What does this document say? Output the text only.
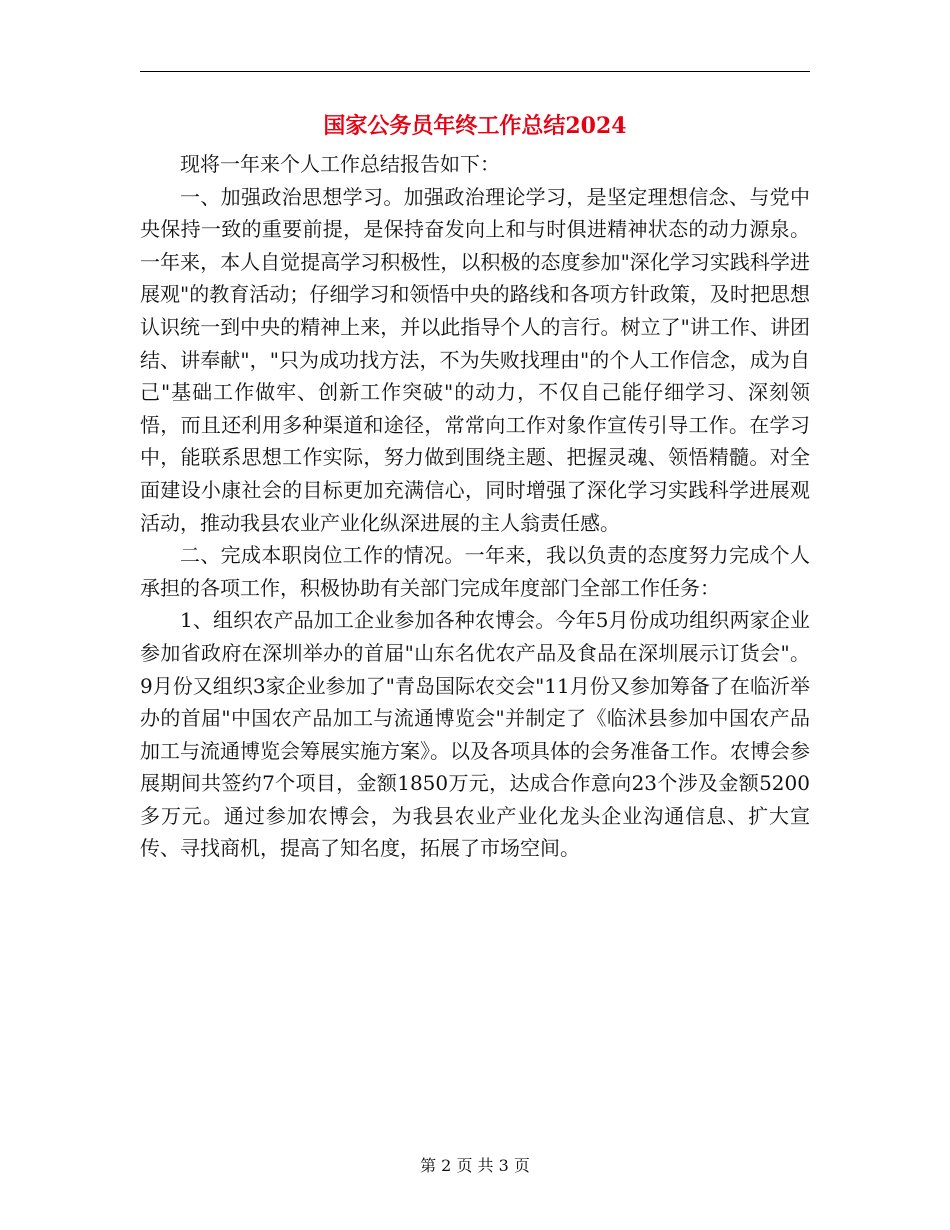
国家公务员年终工作总结2024

现将一年来个人工作总结报告如下：

一、加强政治思想学习。加强政治理论学习，是坚定理想信念、与党中央保持一致的重要前提，是保持奋发向上和与时俱进精神状态的动力源泉。一年来，本人自觉提高学习积极性，以积极的态度参加"深化学习实践科学进展观"的教育活动；仔细学习和领悟中央的路线和各项方针政策，及时把思想认识统一到中央的精神上来，并以此指导个人的言行。树立了"讲工作、讲团结、讲奉献"，"只为成功找方法，不为失败找理由"的个人工作信念，成为自己"基础工作做牢、创新工作突破"的动力，不仅自己能仔细学习、深刻领悟，而且还利用多种渠道和途径，常常向工作对象作宣传引导工作。在学习中，能联系思想工作实际，努力做到围绕主题、把握灵魂、领悟精髓。对全面建设小康社会的目标更加充满信心，同时增强了深化学习实践科学进展观活动，推动我县农业产业化纵深进展的主人翁责任感。

二、完成本职岗位工作的情况。一年来，我以负责的态度努力完成个人承担的各项工作，积极协助有关部门完成年度部门全部工作任务：

1、组织农产品加工企业参加各种农博会。今年5月份成功组织两家企业参加省政府在深圳举办的首届"山东名优农产品及食品在深圳展示订货会"。9月份又组织3家企业参加了"青岛国际农交会"11月份又参加筹备了在临沂举办的首届"中国农产品加工与流通博览会"并制定了《临沭县参加中国农产品加工与流通博览会筹展实施方案》。以及各项具体的会务准备工作。农博会参展期间共签约7个项目，金额1850万元，达成合作意向23个涉及金额5200多万元。通过参加农博会，为我县农业产业化龙头企业沟通信息、扩大宣传、寻找商机，提高了知名度，拓展了市场空间。

第 2 页 共 3 页
